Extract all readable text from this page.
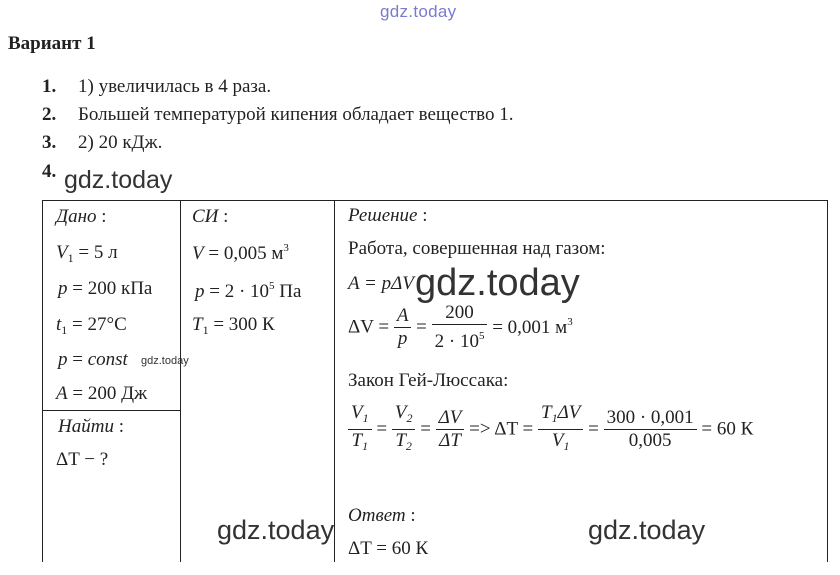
gdz.today
Вариант 1
1. 1) увеличилась в 4 раза.
2. Большей температурой кипения обладает вещество 1.
3. 2) 20 кДж.
4. gdz.today
Дано :
$V_1 = 5$ л
p = 200 кПа
$t_1 = 27^\circ C$
p = const gdz.today
A = 200 Дж
Найти :
ΔT − ?
СИ :
V = 0,005 $м^3$
$p = 2 \cdot 10^5$ Па
$T_1 = 300$ К
Решение :
Работа, совершенная над газом:
A = pΔV gdz.today
$\Delta V = \frac{A}{p} = \frac{200}{2 \cdot 10^5} = 0,001$ $м^3$
Закон Гей-Люссака:
$\frac{V_1}{T_1} = \frac{V_2}{T_2} = \frac{\Delta V}{\Delta T} => \Delta T = \frac{T_1\Delta V}{V_1} = \frac{300 \cdot 0,001}{0,005} = 60$ К
Ответ :
ΔT = 60 К
gdz.today	gdz.today
